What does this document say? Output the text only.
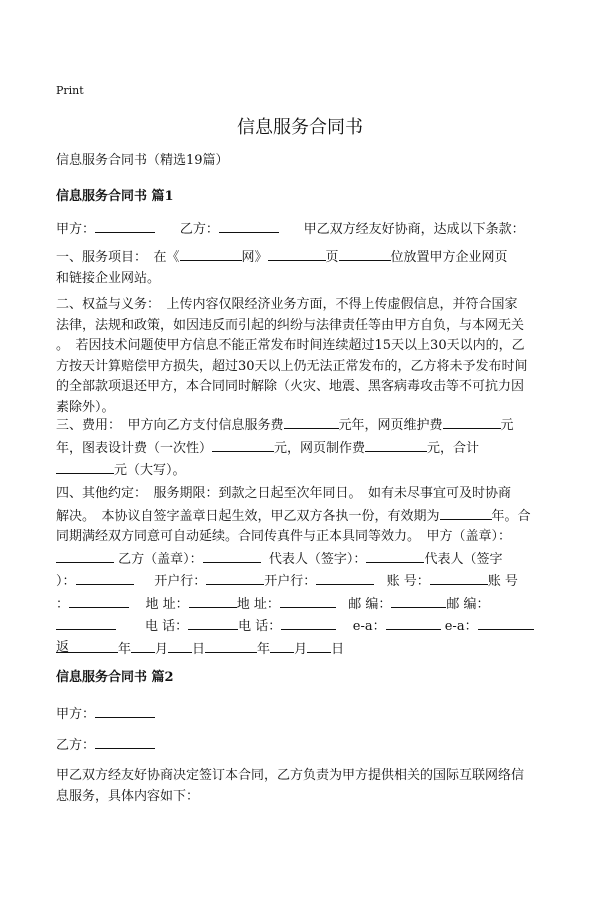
Print
信息服务合同书
信息服务合同书（精选19篇）
信息服务合同书 篇1
甲方：	乙方：	甲乙双方经友好协商，达成以下条款：
一、服务项目：　在《	网》	页	位放置甲方企业网页
和链接企业网站。
二、权益与义务：　上传内容仅限经济业务方面，不得上传虚假信息，并符合国家
法律，法规和政策，如因违反而引起的纠纷与法律责任等由甲方自负，与本网无关
。　若因技术问题使甲方信息不能正常发布时间连续超过15天以上30天以内的，乙
方按天计算赔偿甲方损失，超过30天以上仍无法正常发布的，乙方将未予发布时间
的全部款项退还甲方，本合同同时解除（火灾、地震、黑客病毒攻击等不可抗力因
素除外）。
三、费用：　甲方向乙方支付信息服务费	元年，网页维护费	元
年，图表设计费（一次性）	元，网页制作费	元，合计
元（大写）。
四、其他约定：　服务期限：到款之日起至次年同日。　如有未尽事宜可及时协商
解决。　本协议自签字盖章日起生效，甲乙双方各执一份，有效期为	年。合
同期满经双方同意可自动延续。合同传真件与正本具同等效力。　甲方（盖章）：
乙方（盖章）：	代表人（签字）：	代表人（签字
）：	开户行：	开户行：	账 号：	账 号
：	地 址：	地 址：	邮 编：	邮 编：
电 话：	电 话：	e-a：	e-a：
年 月 日	年 月 日
返
信息服务合同书 篇2
甲方：
乙方：
甲乙双方经友好协商决定签订本合同，乙方负责为甲方提供相关的国际互联网络信
息服务，具体内容如下：
